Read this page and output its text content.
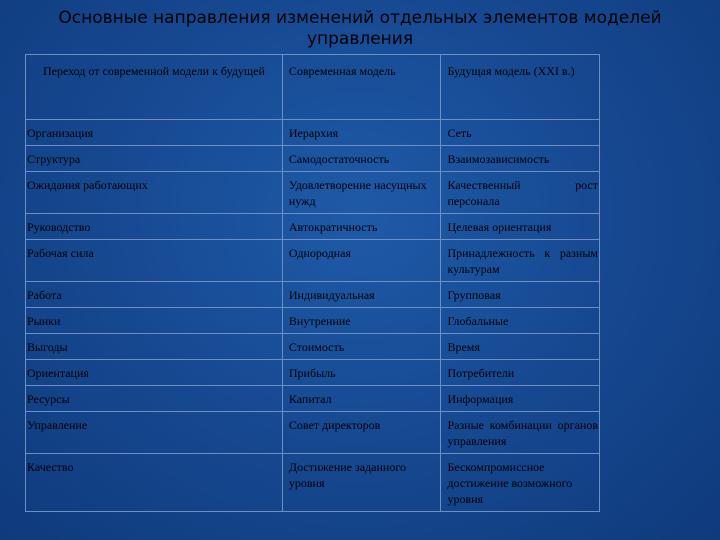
Основные направления изменений отдельных элементов моделей
управления
Переход от современной модели к будущей	Современная модель	Будущая модель (XXI в.)
Организация	Иерархия	Сеть
Структура	Самодостаточность	Взаимозависимость
Ожидания работающих	Удовлетворение насущных нужд	Качественный рост персонала
Руководство	Автократичность	Целевая ориентация
Рабочая сила	Однородная	Принадлежность к разным культурам
Работа	Индивидуальная	Групповая
Рынки	Внутренние	Глобальные
Выгоды	Стоимость	Время
Ориентация	Прибыль	Потребители
Ресурсы	Капитал	Информация
Управление	Совет директоров	Разные комбинации органов управления
Качество	Достижение заданного уровня	Бескомпромиссное достижение возможного уровня
